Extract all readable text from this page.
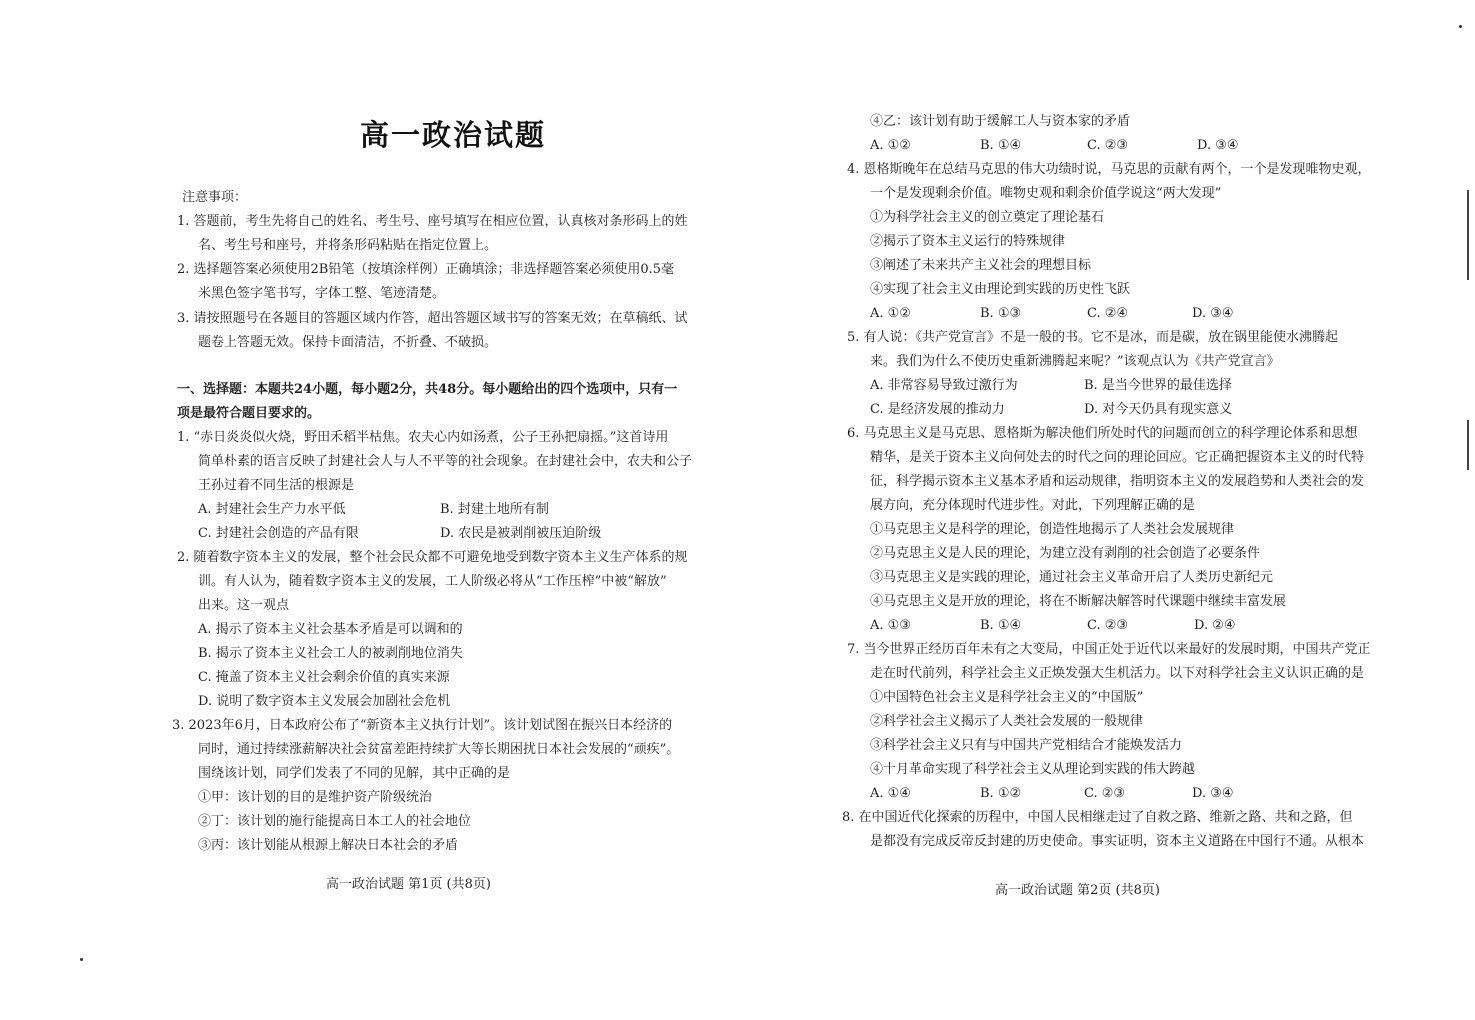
高一政治试题
注意事项：
1. 答题前，考生先将自己的姓名、考生号、座号填写在相应位置，认真核对条形码上的姓
名、考生号和座号，并将条形码粘贴在指定位置上。
2. 选择题答案必须使用2B铅笔（按填涂样例）正确填涂；非选择题答案必须使用0.5毫
米黑色签字笔书写，字体工整、笔迹清楚。
3. 请按照题号在各题目的答题区域内作答，超出答题区域书写的答案无效；在草稿纸、试
题卷上答题无效。保持卡面清洁，不折叠、不破损。
一、选择题：本题共24小题，每小题2分，共48分。每小题给出的四个选项中，只有一
项是最符合题目要求的。
1. “赤日炎炎似火烧，野田禾稻半枯焦。农夫心内如汤煮，公子王孙把扇摇。”这首诗用
简单朴素的语言反映了封建社会人与人不平等的社会现象。在封建社会中，农夫和公子
王孙过着不同生活的根源是
A. 封建社会生产力水平低	B. 封建土地所有制
C. 封建社会创造的产品有限	D. 农民是被剥削被压迫阶级
2. 随着数字资本主义的发展，整个社会民众都不可避免地受到数字资本主义生产体系的规
训。有人认为，随着数字资本主义的发展，工人阶级必将从“工作压榨”中被“解放”
出来。这一观点
A. 揭示了资本主义社会基本矛盾是可以调和的
B. 揭示了资本主义社会工人的被剥削地位消失
C. 掩盖了资本主义社会剩余价值的真实来源
D. 说明了数字资本主义发展会加剧社会危机
3. 2023年6月，日本政府公布了“新资本主义执行计划”。该计划试图在振兴日本经济的
同时，通过持续涨薪解决社会贫富差距持续扩大等长期困扰日本社会发展的“顽疾”。
围绕该计划，同学们发表了不同的见解，其中正确的是
①甲：该计划的目的是维护资产阶级统治
②丁：该计划的施行能提高日本工人的社会地位
③丙：该计划能从根源上解决日本社会的矛盾
高一政治试题 第1页 (共8页)
④乙：该计划有助于缓解工人与资本家的矛盾
A. ①②	B. ①④	C. ②③	D. ③④
4. 恩格斯晚年在总结马克思的伟大功绩时说，马克思的贡献有两个，一个是发现唯物史观，
一个是发现剩余价值。唯物史观和剩余价值学说这“两大发现”
①为科学社会主义的创立奠定了理论基石
②揭示了资本主义运行的特殊规律
③阐述了未来共产主义社会的理想目标
④实现了社会主义由理论到实践的历史性飞跃
A. ①②	B. ①③	C. ②④	D. ③④
5. 有人说：《共产党宣言》不是一般的书。它不是冰，而是碳，放在锅里能使水沸腾起
来。我们为什么不使历史重新沸腾起来呢？”该观点认为《共产党宣言》
A. 非常容易导致过激行为	B. 是当今世界的最佳选择
C. 是经济发展的推动力	D. 对今天仍具有现实意义
6. 马克思主义是马克思、恩格斯为解决他们所处时代的问题而创立的科学理论体系和思想
精华，是关于资本主义向何处去的时代之问的理论回应。它正确把握资本主义的时代特
征，科学揭示资本主义基本矛盾和运动规律，指明资本主义的发展趋势和人类社会的发
展方向，充分体现时代进步性。对此，下列理解正确的是
①马克思主义是科学的理论，创造性地揭示了人类社会发展规律
②马克思主义是人民的理论，为建立没有剥削的社会创造了必要条件
③马克思主义是实践的理论，通过社会主义革命开启了人类历史新纪元
④马克思主义是开放的理论，将在不断解决解答时代课题中继续丰富发展
A. ①③	B. ①④	C. ②③	D. ②④
7. 当今世界正经历百年未有之大变局，中国正处于近代以来最好的发展时期，中国共产党正
走在时代前列，科学社会主义正焕发强大生机活力。以下对科学社会主义认识正确的是
①中国特色社会主义是科学社会主义的“中国版”
②科学社会主义揭示了人类社会发展的一般规律
③科学社会主义只有与中国共产党相结合才能焕发活力
④十月革命实现了科学社会主义从理论到实践的伟大跨越
A. ①④	B. ①②	C. ②③	D. ③④
8. 在中国近代化探索的历程中，中国人民相继走过了自救之路、维新之路、共和之路，但
是都没有完成反帝反封建的历史使命。事实证明，资本主义道路在中国行不通。从根本
高一政治试题 第2页 (共8页)
